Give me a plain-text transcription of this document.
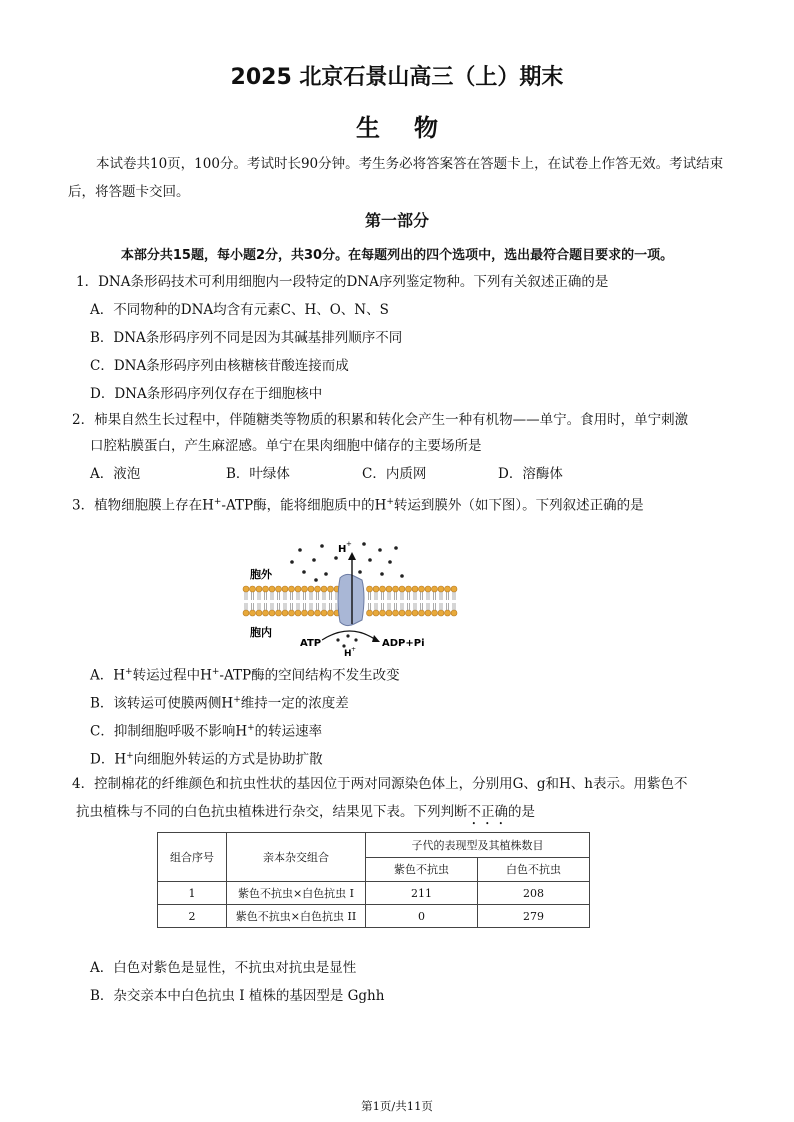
2025 北京石景山高三（上）期末
生物
本试卷共10页，100分。考试时长90分钟。考生务必将答案答在答题卡上，在试卷上作答无效。考试结束后，将答题卡交回。
第一部分
本部分共15题，每小题2分，共30分。在每题列出的四个选项中，选出最符合题目要求的一项。
1．DNA条形码技术可利用细胞内一段特定的DNA序列鉴定物种。下列有关叙述正确的是
A．不同物种的DNA均含有元素C、H、O、N、S
B．DNA条形码序列不同是因为其碱基排列顺序不同
C．DNA条形码序列由核糖核苷酸连接而成
D．DNA条形码序列仅存在于细胞核中
2．柿果自然生长过程中，伴随糖类等物质的积累和转化会产生一种有机物——单宁。食用时，单宁刺激
口腔粘膜蛋白，产生麻涩感。单宁在果肉细胞中储存的主要场所是
A．液泡	B．叶绿体	C．内质网	D．溶酶体
3．植物细胞膜上存在H+-ATP酶，能将细胞质中的H+转运到膜外（如下图）。下列叙述正确的是
H +
胞外
胞内
ATP	ADP+Pi
H +
A．H+转运过程中H+-ATP酶的空间结构不发生改变
B．该转运可使膜两侧H+维持一定的浓度差
C．抑制细胞呼吸不影响H+的转运速率
D．H+向细胞外转运的方式是协助扩散
4．控制棉花的纤维颜色和抗虫性状的基因位于两对同源染色体上，分别用G、g和H、h表示。用紫色不
抗虫植株与不同的白色抗虫植株进行杂交，结果见下表。下列判断不正确的是
组合序号	亲本杂交组合	子代的表现型及其植株数目	
		紫色不抗虫	白色不抗虫
1	紫色不抗虫×白色抗虫 I	211	208
2	紫色不抗虫×白色抗虫 II	0	279
A．白色对紫色是显性，不抗虫对抗虫是显性
B．杂交亲本中白色抗虫 I 植株的基因型是 Gghh
第1页/共11页
